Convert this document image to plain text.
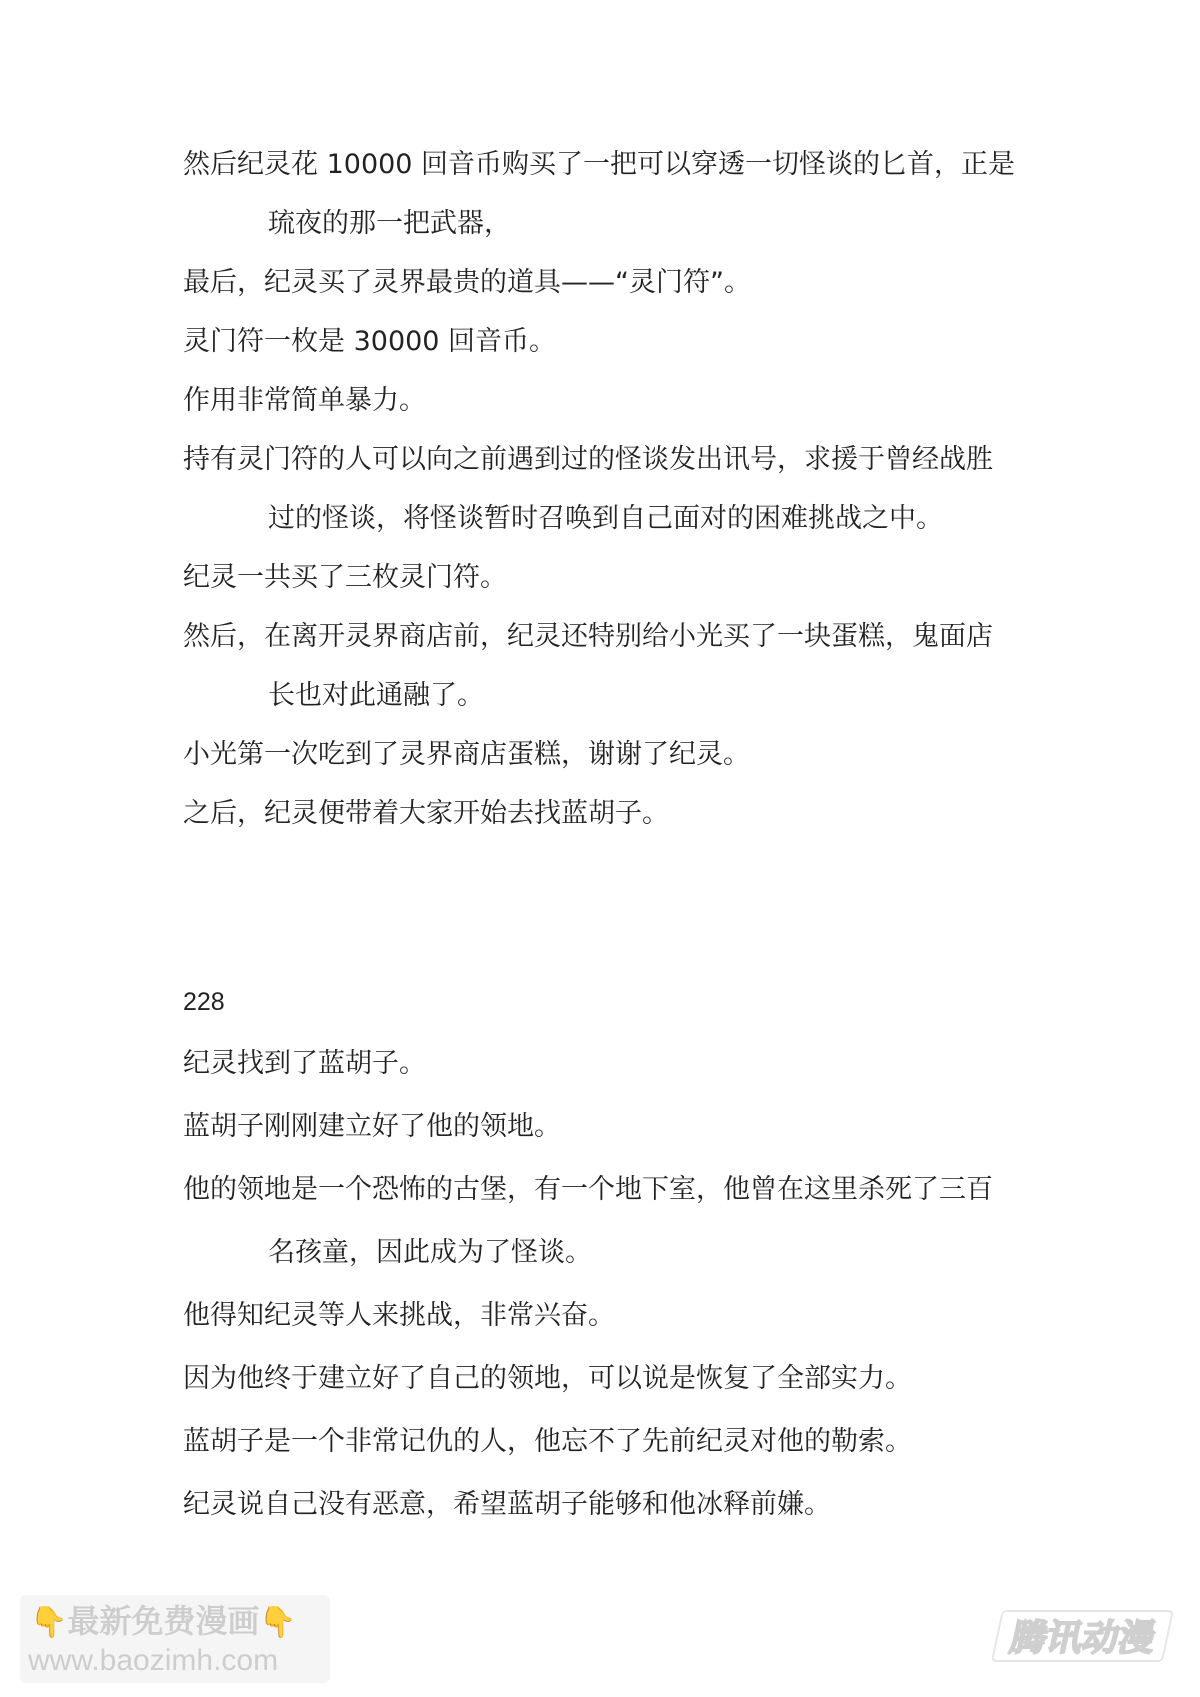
然后纪灵花 10000 回音币购买了一把可以穿透一切怪谈的匕首，正是
琉夜的那一把武器，
最后，纪灵买了灵界最贵的道具——“灵门符”。
灵门符一枚是 30000 回音币。
作用非常简单暴力。
持有灵门符的人可以向之前遇到过的怪谈发出讯号，求援于曾经战胜
过的怪谈，将怪谈暂时召唤到自己面对的困难挑战之中。
纪灵一共买了三枚灵门符。
然后，在离开灵界商店前，纪灵还特别给小光买了一块蛋糕，鬼面店
长也对此通融了。
小光第一次吃到了灵界商店蛋糕，谢谢了纪灵。
之后，纪灵便带着大家开始去找蓝胡子。
228
纪灵找到了蓝胡子。
蓝胡子刚刚建立好了他的领地。
他的领地是一个恐怖的古堡，有一个地下室，他曾在这里杀死了三百
名孩童，因此成为了怪谈。
他得知纪灵等人来挑战，非常兴奋。
因为他终于建立好了自己的领地，可以说是恢复了全部实力。
蓝胡子是一个非常记仇的人，他忘不了先前纪灵对他的勒索。
纪灵说自己没有恶意，希望蓝胡子能够和他冰释前嫌。
👇最新免费漫画👇
www.baozimh.com
腾讯动漫
